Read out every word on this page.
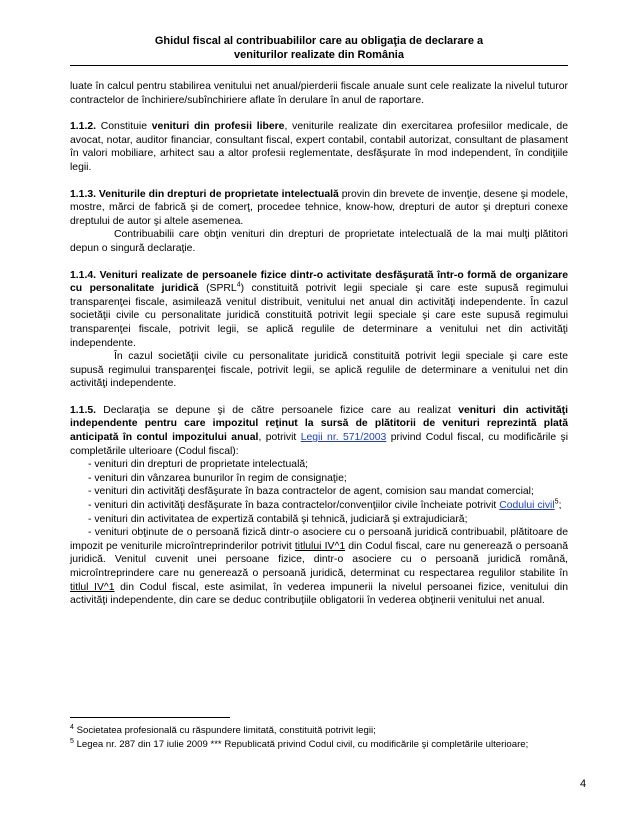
Ghidul fiscal al contribuabililor care au obligaţia de declarare a
veniturilor realizate din România

luate în calcul pentru stabilirea venitului net anual/pierderii fiscale anuale sunt cele realizate la nivelul tuturor contractelor de închiriere/subînchiriere aflate în derulare în anul de raportare.

1.1.2. Constituie venituri din profesii libere, veniturile realizate din exercitarea profesiilor medicale, de avocat, notar, auditor financiar, consultant fiscal, expert contabil, contabil autorizat, consultant de plasament în valori mobiliare, arhitect sau a altor profesii reglementate, desfăşurate în mod independent, în condiţiile legii.

1.1.3. Veniturile din drepturi de proprietate intelectuală provin din brevete de invenţie, desene şi modele, mostre, mărci de fabrică şi de comerţ, procedee tehnice, know-how, drepturi de autor şi drepturi conexe dreptului de autor şi altele asemenea.

Contribuabilii care obţin venituri din drepturi de proprietate intelectuală de la mai mulţi plătitori depun o singură declaraţie.

1.1.4. Venituri realizate de persoanele fizice dintr-o activitate desfăşurată într-o formă de organizare cu personalitate juridică (SPRL$^4$) constituită potrivit legii speciale şi care este supusă regimului transparenţei fiscale, asimilează venitul distribuit, venitului net anual din activităţi independente. În cazul societăţii civile cu personalitate juridică constituită potrivit legii speciale şi care este supusă regimului transparenţei fiscale, potrivit legii, se aplică regulile de determinare a venitului net din activităţi independente.

În cazul societăţii civile cu personalitate juridică constituită potrivit legii speciale şi care este supusă regimului transparenţei fiscale, potrivit legii, se aplică regulile de determinare a venitului net din activităţi independente.

1.1.5. Declaraţia se depune şi de către persoanele fizice care au realizat venituri din activităţi independente pentru care impozitul reţinut la sursă de plătitorii de venituri reprezintă plată anticipată în contul impozitului anual, potrivit Legii nr. 571/2003 privind Codul fiscal, cu modificările şi completările ulterioare (Codul fiscal):

- venituri din drepturi de proprietate intelectuală;

- venituri din vânzarea bunurilor în regim de consignaţie;

- venituri din activităţi desfăşurate în baza contractelor de agent, comision sau mandat comercial;

- venituri din activităţi desfăşurate în baza contractelor/convenţiilor civile încheiate potrivit Codului civil$^5$;

- venituri din activitatea de expertiză contabilă şi tehnică, judiciară şi extrajudiciară;

- venituri obţinute de o persoană fizică dintr-o asociere cu o persoană juridică contribuabil, plătitoare de impozit pe veniturile microîntreprinderilor potrivit titlului IV^1 din Codul fiscal, care nu generează o persoană juridică. Venitul cuvenit unei persoane fizice, dintr-o asociere cu o persoană juridică română, microîntreprindere care nu generează o persoană juridică, determinat cu respectarea regulilor stabilite în titlul IV^1 din Codul fiscal, este asimilat, în vederea impunerii la nivelul persoanei fizice, venitului din activităţi independente, din care se deduc contribuţiile obligatorii în vederea obţinerii venitului net anual.

$^4$ Societatea profesională cu răspundere limitată, constituită potrivit legii;

$^5$ Legea nr. 287 din 17 iulie 2009 *** Republicată privind Codul civil, cu modificările şi completările ulterioare;

4
